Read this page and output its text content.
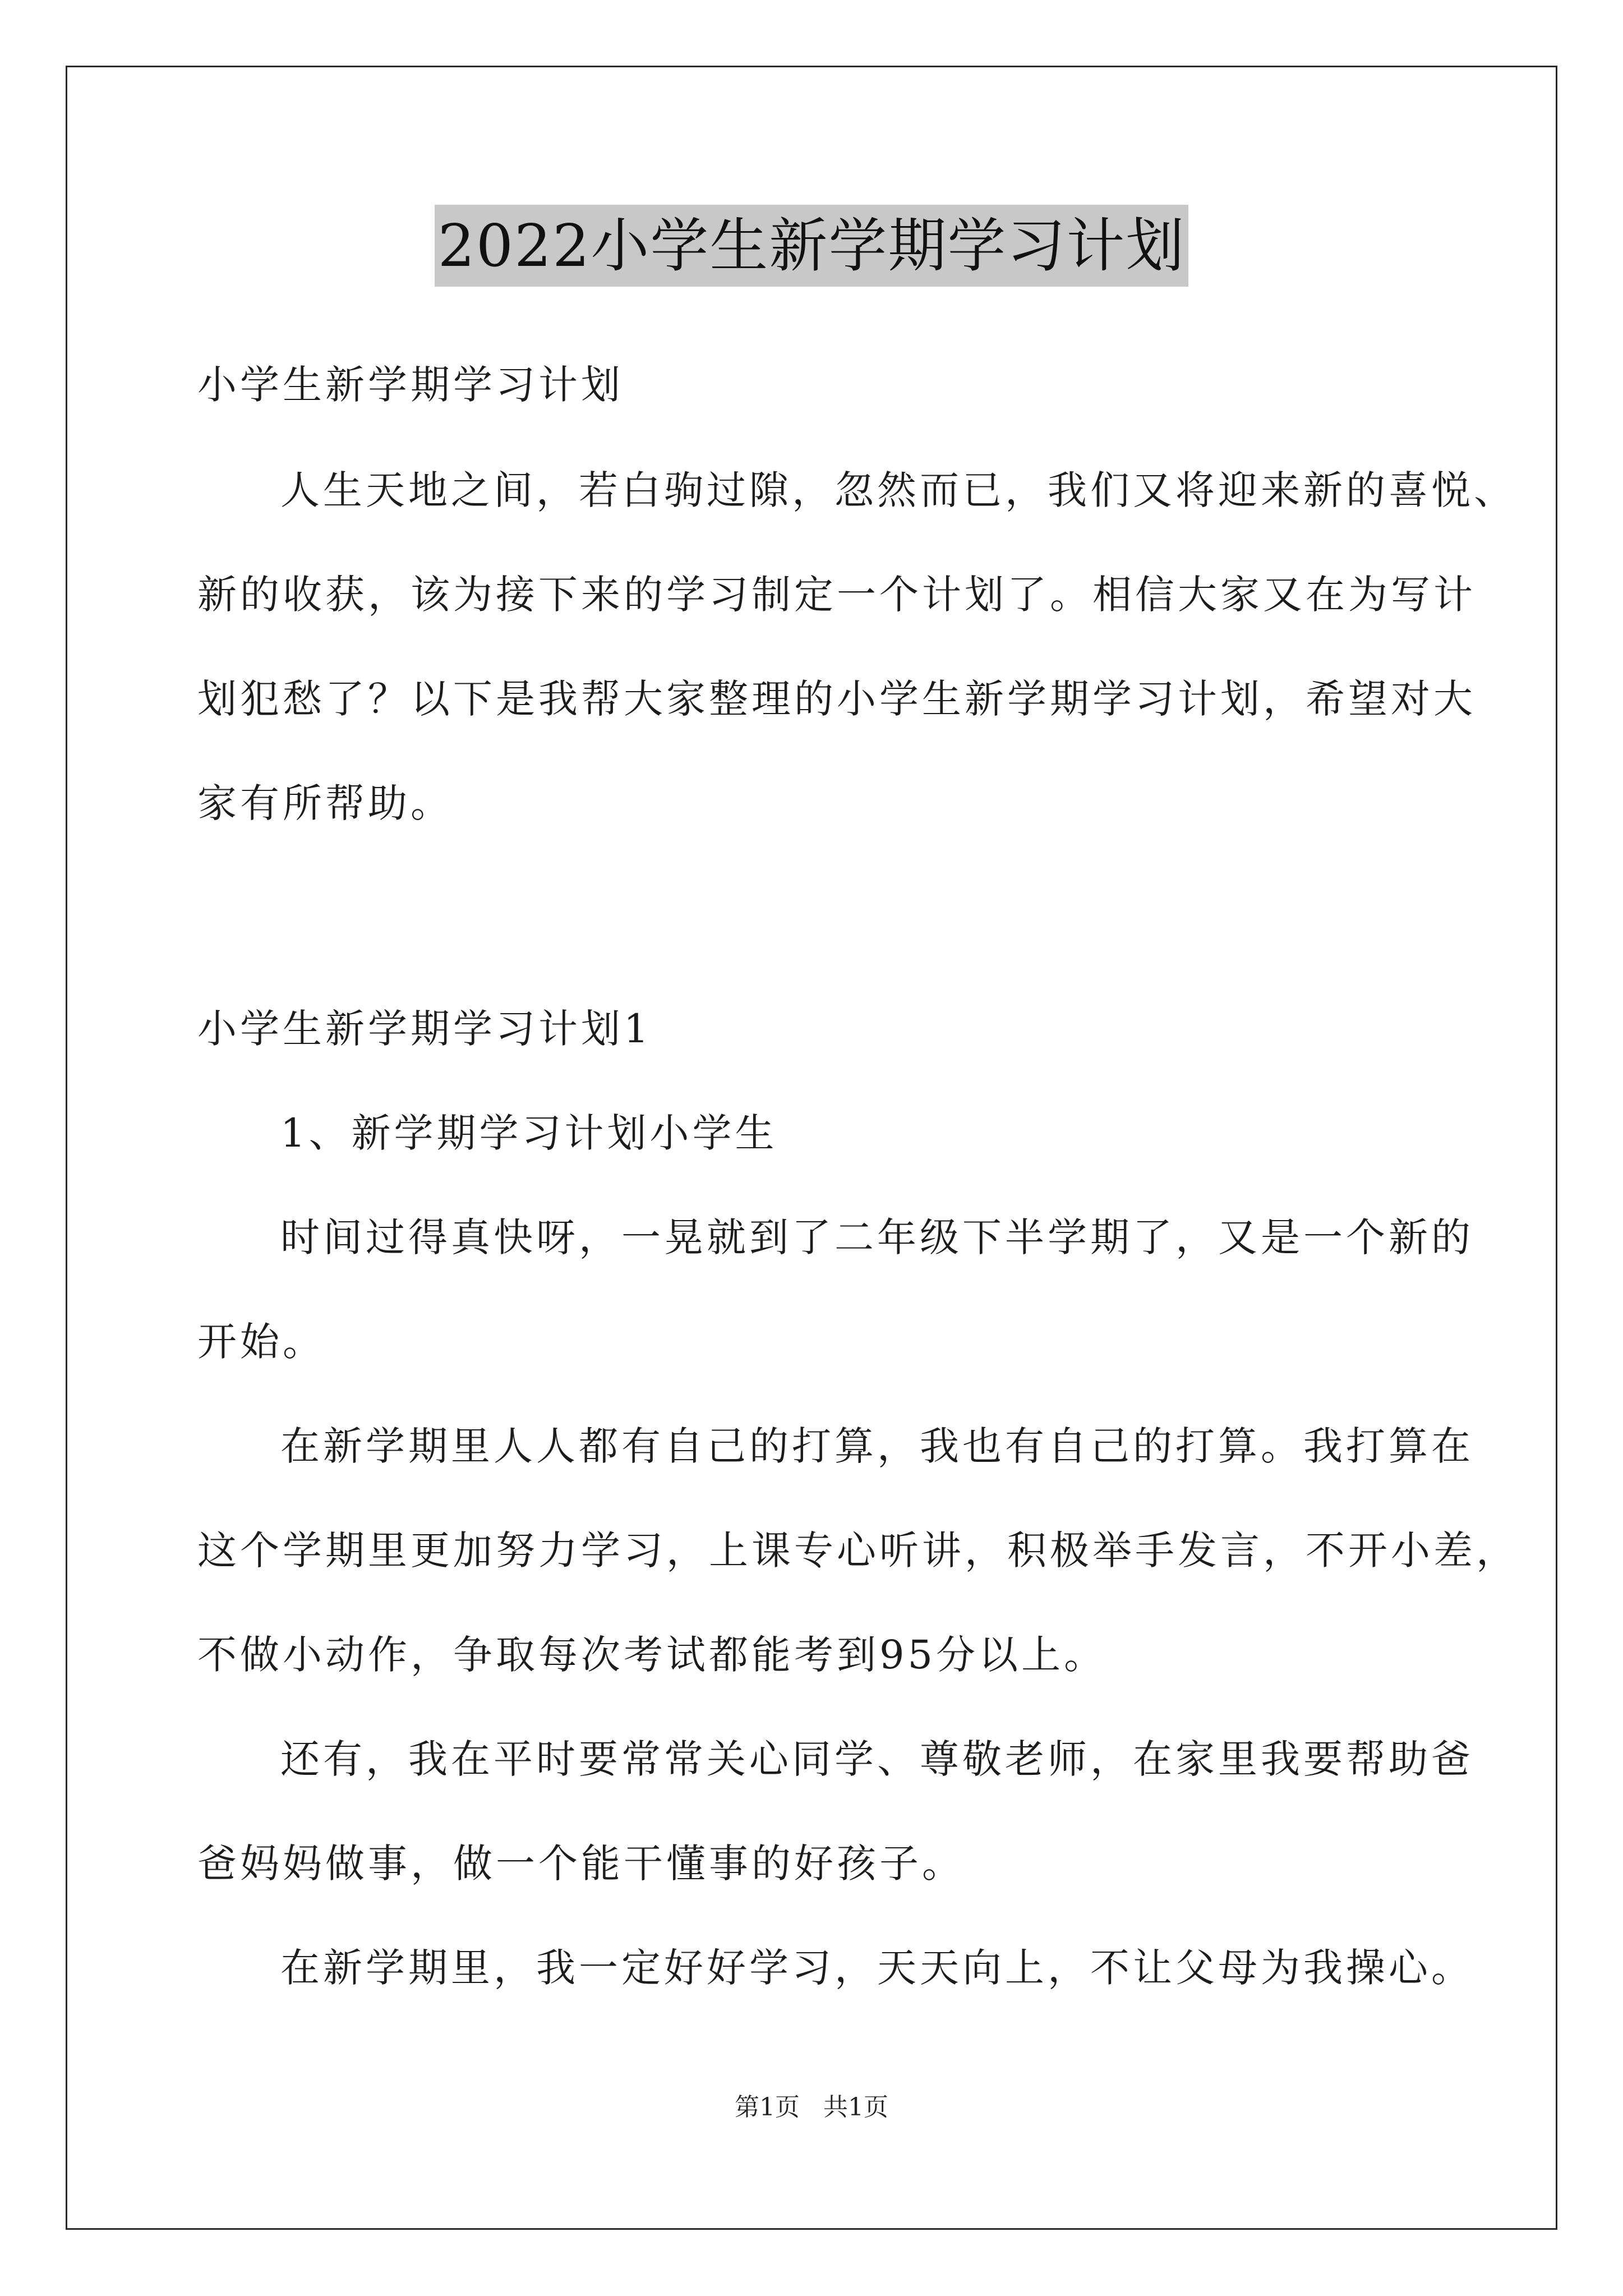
2022小学生新学期学习计划
小学生新学期学习计划
人生天地之间，若白驹过隙，忽然而已，我们又将迎来新的喜悦、
新的收获，该为接下来的学习制定一个计划了。相信大家又在为写计
划犯愁了？以下是我帮大家整理的小学生新学期学习计划，希望对大
家有所帮助。
小学生新学期学习计划1
1、新学期学习计划小学生
时间过得真快呀，一晃就到了二年级下半学期了，又是一个新的
开始。
在新学期里人人都有自己的打算，我也有自己的打算。我打算在
这个学期里更加努力学习，上课专心听讲，积极举手发言，不开小差，
不做小动作，争取每次考试都能考到95分以上。
还有，我在平时要常常关心同学、尊敬老师，在家里我要帮助爸
爸妈妈做事，做一个能干懂事的好孩子。
在新学期里，我一定好好学习，天天向上，不让父母为我操心。
第1页 共1页
